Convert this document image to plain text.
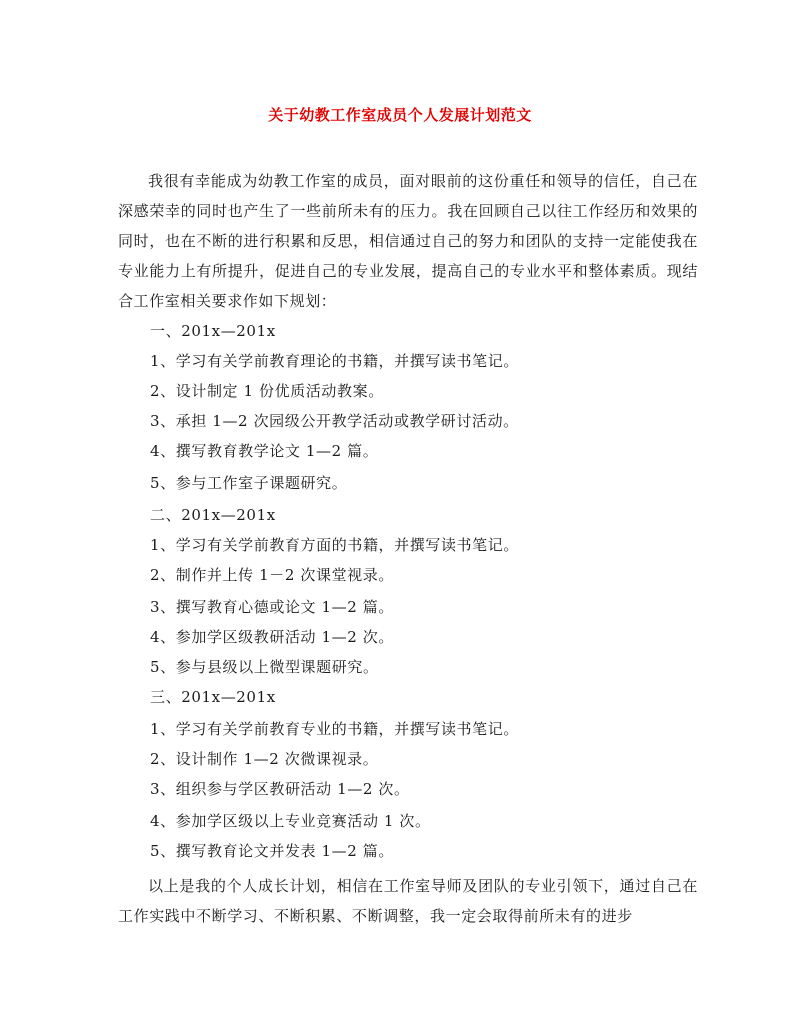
关于幼教工作室成员个人发展计划范文
我很有幸能成为幼教工作室的成员，面对眼前的这份重任和领导的信任，自己在深感荣幸的同时也产生了一些前所未有的压力。我在回顾自己以往工作经历和效果的同时，也在不断的进行积累和反思，相信通过自己的努力和团队的支持一定能使我在专业能力上有所提升，促进自己的专业发展，提高自己的专业水平和整体素质。现结合工作室相关要求作如下规划：
一、201x—201x
1、学习有关学前教育理论的书籍，并撰写读书笔记。
2、设计制定 1 份优质活动教案。
3、承担 1—2 次园级公开教学活动或教学研讨活动。
4、撰写教育教学论文 1—2 篇。
5、参与工作室子课题研究。
二、201x—201x
1、学习有关学前教育方面的书籍，并撰写读书笔记。
2、制作并上传 1－2 次课堂视录。
3、撰写教育心德或论文 1—2 篇。
4、参加学区级教研活动 1—2 次。
5、参与县级以上微型课题研究。
三、201x—201x
1、学习有关学前教育专业的书籍，并撰写读书笔记。
2、设计制作 1—2 次微课视录。
3、组织参与学区教研活动 1—2 次。
4、参加学区级以上专业竞赛活动 1 次。
5、撰写教育论文并发表 1—2 篇。
以上是我的个人成长计划，相信在工作室导师及团队的专业引领下，通过自己在工作实践中不断学习、不断积累、不断调整，我一定会取得前所未有的进步
